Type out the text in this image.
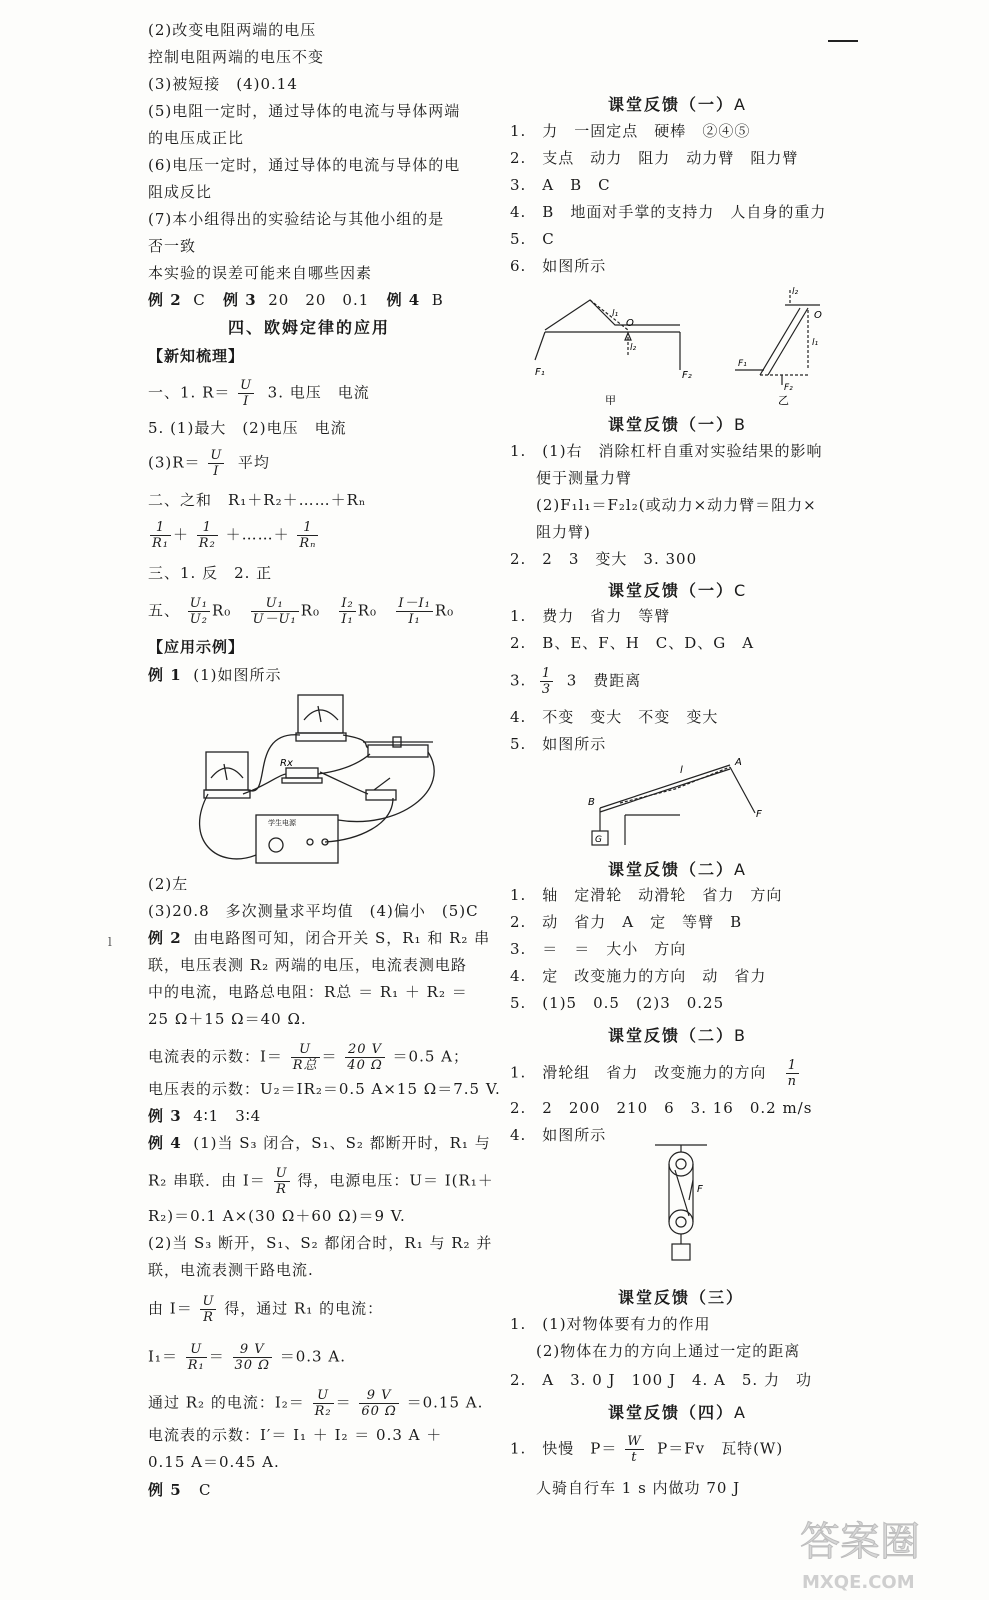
l
(2)改变电阻两端的电压
控制电阻两端的电压不变
(3)被短接　(4)0.14
(5)电阻一定时，通过导体的电流与导体两端
的电压成正比
(6)电压一定时，通过导体的电流与导体的电
阻成反比
(7)本小组得出的实验结论与其他小组的是
否一致
本实验的误差可能来自哪些因素
例 2 C 例 3 20　20　0.1 例 4 B
四、欧姆定律的应用
【新知梳理】
一、1. $R= \frac{U}{I} 3$. 电压　电流
5. (1)最大　(2)电压　电流
$(3)R= \frac{U}{I}$ 平均
二、之和　R₁＋R₂＋……＋Rₙ
$\frac{1}{\text{R₁}} + \frac{1}{\text{R₂}}$ ＋……＋ $\frac{1}{\text{Rₙ}}$
三、1. 反　2. 正
五、 $\frac{\text{U₁}}{\text{U₂}} R_0 \frac{\text{U₁}}{\text{U－U₁}} R_0 \frac{\text{I₂}}{\text{I₁}} R_0 \frac{\text{I－I₁}}{\text{I₁}} R_0$
【应用示例】
例 1 (1)如图所示
Rx
学生电源
(2)左
(3)20.8　多次测量求平均值　(4)偏小　(5)C
例 2 由电路图可知，闭合开关 S，R₁ 和 R₂ 串
联，电压表测 R₂ 两端的电压，电流表测电路
中的电流，电路总电阻：R总 ＝ R₁ ＋ R₂ ＝
25 Ω＋15 Ω＝40 Ω.
电流表的示数：$I= \frac{U}{\text{R总}} = \frac{20 V}{40 \Omega} =0.5$ A；
电压表的示数：U₂＝IR₂＝0.5 A×15 Ω＝7.5 V.
例 3 4∶1　3∶4
例 4 (1)当 S₃ 闭合，S₁、S₂ 都断开时，R₁ 与
R₂ 串联．由 $I= \frac{U}{R}$ 得，电源电压：U＝ I(R₁＋
R₂)＝0.1 A×(30 Ω＋60 Ω)＝9 V.
(2)当 S₃ 断开，S₁、S₂ 都闭合时，R₁ 与 R₂ 并
联，电流表测干路电流.
由 $I= \frac{U}{R}$ 得，通过 R₁ 的电流：
$I_1= \frac{U}{\text{R₁}} = \frac{9 V}{30 \Omega} =0.3$ A.
通过 R₂ 的电流：$I_2= \frac{U}{\text{R₂}} = \frac{9 V}{60 \Omega} =0.15$ A.
电流表的示数：I′＝ I₁ ＋ I₂ ＝ 0.3 A ＋
0.15 A＝0.45 A.
例 5 C
课堂反馈（一）A
1.　力　一固定点　硬棒　②④⑤
2.　支点　动力　阻力　动力臂　阻力臂
3.　A　B　C
4.　B　地面对手掌的支持力　人自身的重力
5.　C
6.　如图所示
F₁	F₂
l₁
l₂
O
甲
F₁
F₂
l₁
l₂
O
乙
课堂反馈（一）B
1.　(1)右　消除杠杆自重对实验结果的影响
便于测量力臂
(2)F₁l₁＝F₂l₂(或动力×动力臂＝阻力×
阻力臂)
2.　2　3　变大　3. 300
课堂反馈（一）C
1.　费力　省力　等臂
2.　B、E、F、H　C、D、G　A
3. $\frac{1}{3} 3$　费距离
4.　不变　变大　不变　变大
5.　如图所示
B
G
A
F
l
课堂反馈（二）A
1.　轴　定滑轮　动滑轮　省力　方向
2.　动　省力　A　定　等臂　B
3.　＝　＝　大小　方向
4.　定　改变施力的方向　动　省力
5.　(1)5　0.5　(2)3　0.25
课堂反馈（二）B
1.　滑轮组　省力　改变施力的方向 $\frac{1}{n}$
2.　2　200　210　6　3. 16　0.2 m/s
4.　如图所示
F
课堂反馈（三）
1.　(1)对物体要有力的作用
(2)物体在力的方向上通过一定的距离
2.　A　3. 0 J　100 J　4. A　5. 力　功
课堂反馈（四）A
1.　快慢　$P= \frac{W}{t} P=Fv$　瓦特(W)
人骑自行车 1 s 内做功 70 J
答案圈
MXQE.COM
